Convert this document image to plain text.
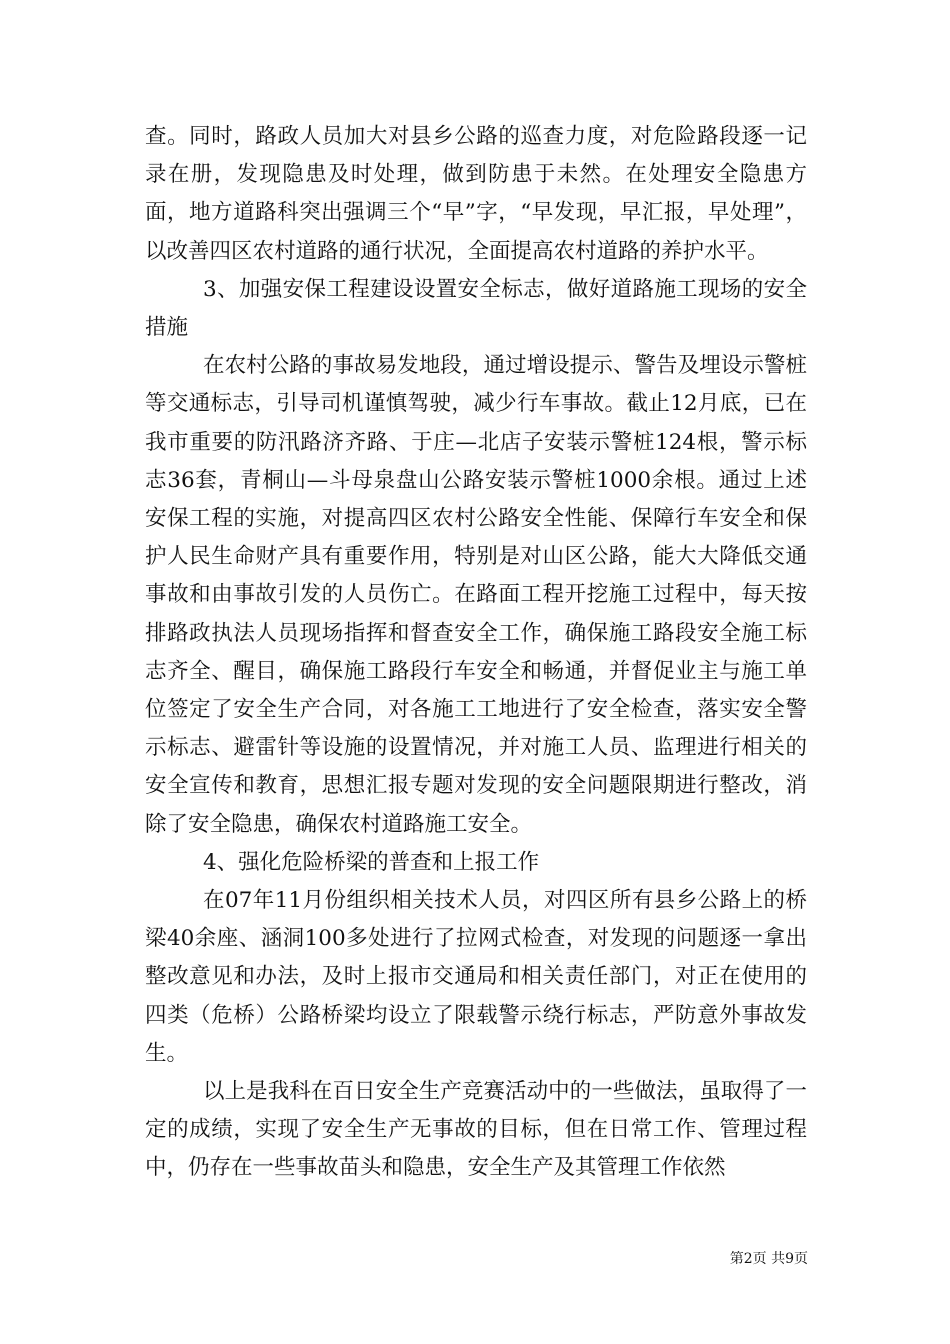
查。同时，路政人员加大对县乡公路的巡查力度，对危险路段逐一记录在册，发现隐患及时处理，做到防患于未然。在处理安全隐患方面，地方道路科突出强调三个“早”字，“早发现，早汇报，早处理”，以改善四区农村道路的通行状况，全面提高农村道路的养护水平。

3、加强安保工程建设设置安全标志，做好道路施工现场的安全措施

在农村公路的事故易发地段，通过增设提示、警告及埋设示警桩等交通标志，引导司机谨慎驾驶，减少行车事故。截止12月底，已在我市重要的防汛路济齐路、于庄—北店子安装示警桩124根，警示标志36套，青桐山—斗母泉盘山公路安装示警桩1000余根。通过上述安保工程的实施，对提高四区农村公路安全性能、保障行车安全和保护人民生命财产具有重要作用，特别是对山区公路，能大大降低交通事故和由事故引发的人员伤亡。在路面工程开挖施工过程中，每天按排路政执法人员现场指挥和督查安全工作，确保施工路段安全施工标志齐全、醒目，确保施工路段行车安全和畅通，并督促业主与施工单位签定了安全生产合同，对各施工工地进行了安全检查，落实安全警示标志、避雷针等设施的设置情况，并对施工人员、监理进行相关的安全宣传和教育，思想汇报专题对发现的安全问题限期进行整改，消除了安全隐患，确保农村道路施工安全。

4、强化危险桥梁的普查和上报工作

在07年11月份组织相关技术人员，对四区所有县乡公路上的桥梁40余座、涵洞100多处进行了拉网式检查，对发现的问题逐一拿出整改意见和办法，及时上报市交通局和相关责任部门，对正在使用的四类（危桥）公路桥梁均设立了限载警示绕行标志，严防意外事故发生。

以上是我科在百日安全生产竞赛活动中的一些做法，虽取得了一定的成绩，实现了安全生产无事故的目标，但在日常工作、管理过程中，仍存在一些事故苗头和隐患，安全生产及其管理工作依然

第2页 共9页
